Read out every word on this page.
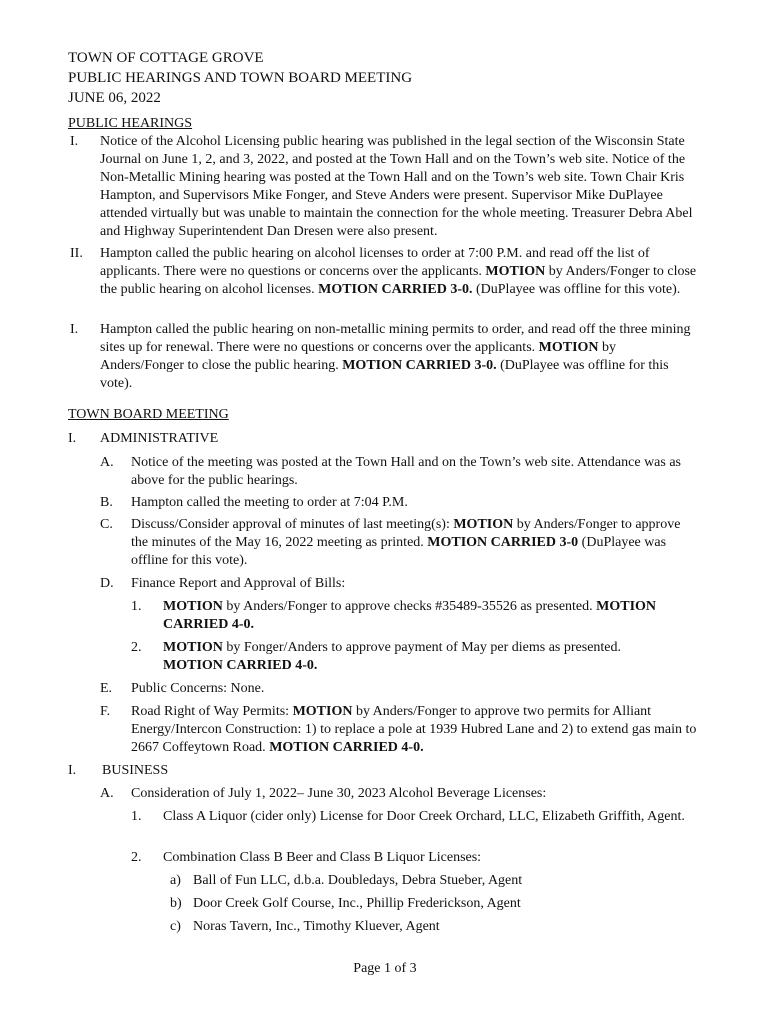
TOWN OF COTTAGE GROVE
PUBLIC HEARINGS AND TOWN BOARD MEETING
JUNE 06, 2022
PUBLIC HEARINGS
I. Notice of the Alcohol Licensing public hearing was published in the legal section of the Wisconsin State Journal on June 1, 2, and 3, 2022, and posted at the Town Hall and on the Town’s web site. Notice of the Non-Metallic Mining hearing was posted at the Town Hall and on the Town’s web site. Town Chair Kris Hampton, and Supervisors Mike Fonger, and Steve Anders were present. Supervisor Mike DuPlayee attended virtually but was unable to maintain the connection for the whole meeting. Treasurer Debra Abel and Highway Superintendent Dan Dresen were also present.
II. Hampton called the public hearing on alcohol licenses to order at 7:00 P.M. and read off the list of applicants. There were no questions or concerns over the applicants. MOTION by Anders/Fonger to close the public hearing on alcohol licenses. MOTION CARRIED 3-0. (DuPlayee was offline for this vote).
I. Hampton called the public hearing on non-metallic mining permits to order, and read off the three mining sites up for renewal. There were no questions or concerns over the applicants. MOTION by Anders/Fonger to close the public hearing. MOTION CARRIED 3-0. (DuPlayee was offline for this vote).
TOWN BOARD MEETING
I. ADMINISTRATIVE
A. Notice of the meeting was posted at the Town Hall and on the Town’s web site. Attendance was as above for the public hearings.
B. Hampton called the meeting to order at 7:04 P.M.
C. Discuss/Consider approval of minutes of last meeting(s): MOTION by Anders/Fonger to approve the minutes of the May 16, 2022 meeting as printed. MOTION CARRIED 3-0 (DuPlayee was offline for this vote).
D. Finance Report and Approval of Bills:
1. MOTION by Anders/Fonger to approve checks #35489-35526 as presented. MOTION CARRIED 4-0.
2. MOTION by Fonger/Anders to approve payment of May per diems as presented. MOTION CARRIED 4-0.
E. Public Concerns: None.
F. Road Right of Way Permits: MOTION by Anders/Fonger to approve two permits for Alliant Energy/Intercon Construction: 1) to replace a pole at 1939 Hubred Lane and 2) to extend gas main to 2667 Coffeytown Road. MOTION CARRIED 4-0.
I. BUSINESS
A. Consideration of July 1, 2022– June 30, 2023 Alcohol Beverage Licenses:
1. Class A Liquor (cider only) License for Door Creek Orchard, LLC, Elizabeth Griffith, Agent.
2. Combination Class B Beer and Class B Liquor Licenses:
a) Ball of Fun LLC, d.b.a. Doubledays, Debra Stueber, Agent
b) Door Creek Golf Course, Inc., Phillip Frederickson, Agent
c) Noras Tavern, Inc., Timothy Kluever, Agent
Page 1 of 3
